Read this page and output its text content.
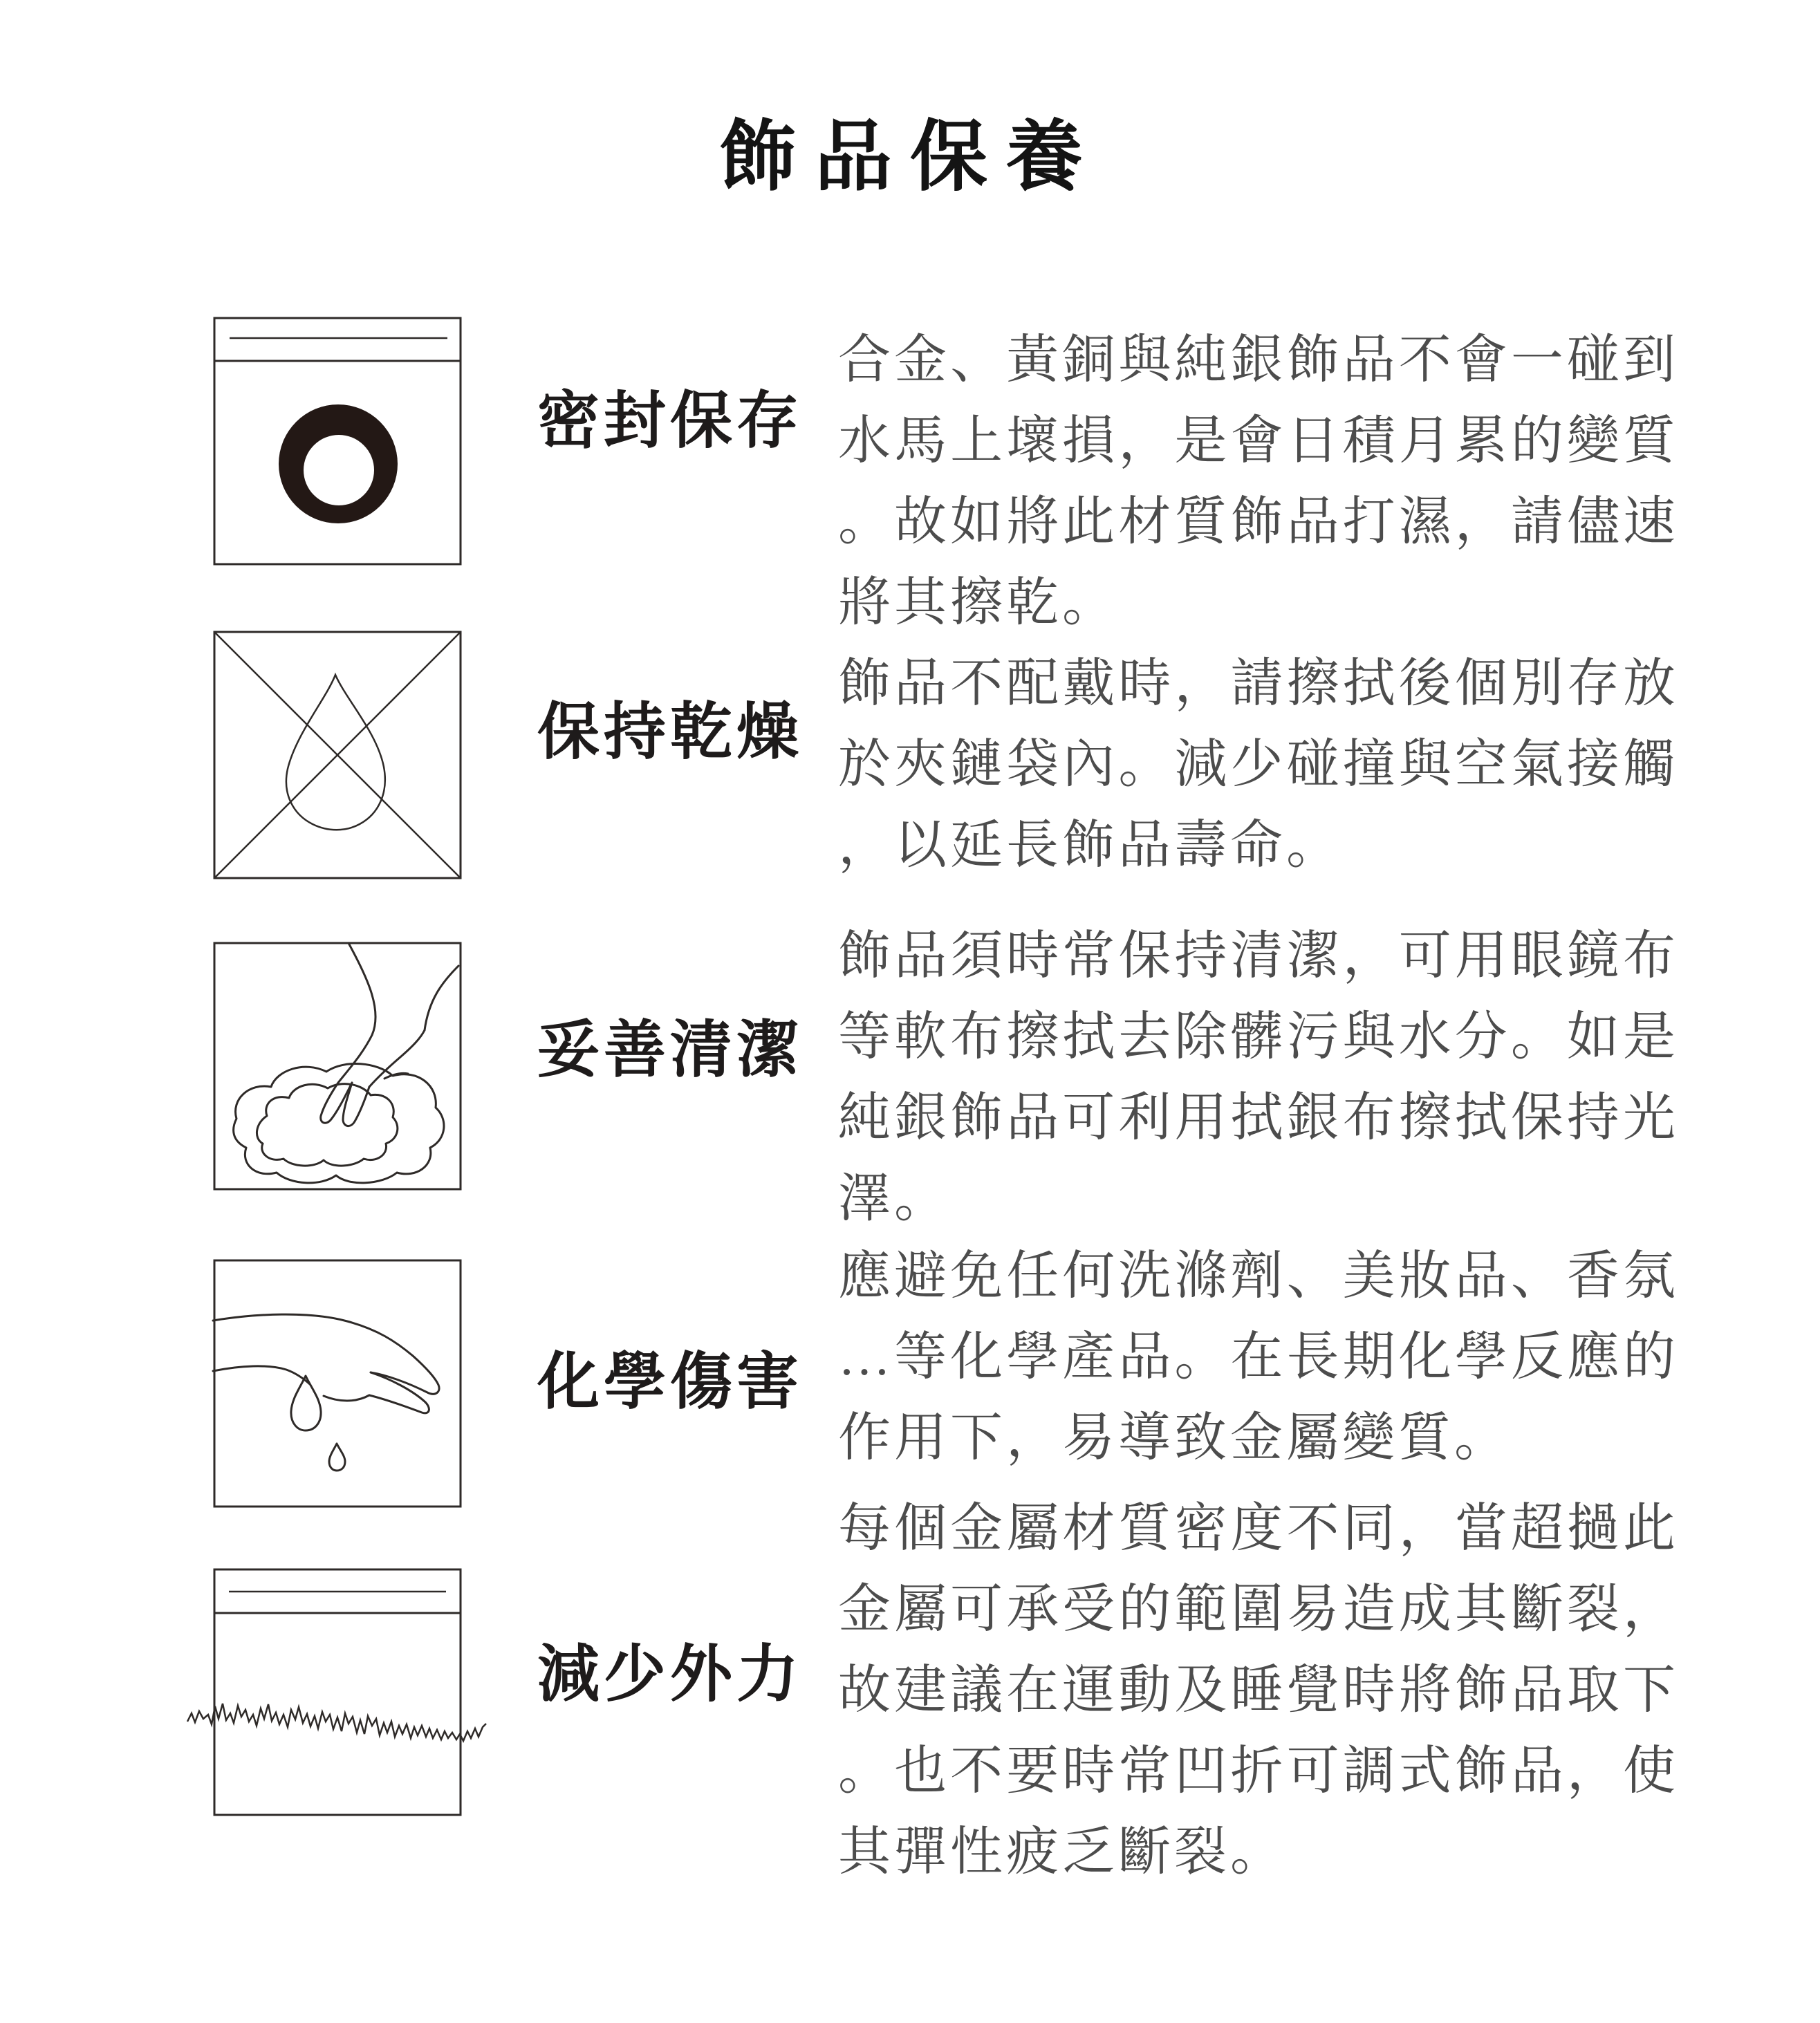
飾品保養
密封保存
合金、黃銅與純銀飾品不會一碰到水馬上壞損，是會日積月累的變質。故如將此材質飾品打濕，請儘速將其擦乾。
保持乾燥
飾品不配戴時，請擦拭後個別存放於夾鏈袋內。減少碰撞與空氣接觸，以延長飾品壽命。
妥善清潔
飾品須時常保持清潔，可用眼鏡布等軟布擦拭去除髒污與水分。如是純銀飾品可利用拭銀布擦拭保持光澤。
化學傷害
應避免任何洗滌劑、美妝品、香氛…等化學產品。在長期化學反應的作用下，易導致金屬變質。
減少外力
每個金屬材質密度不同，當超撾此金屬可承受的範圍易造成其斷裂，故建議在運動及睡覺時將飾品取下。也不要時常凹折可調式飾品，使其彈性疲乏斷裂。
